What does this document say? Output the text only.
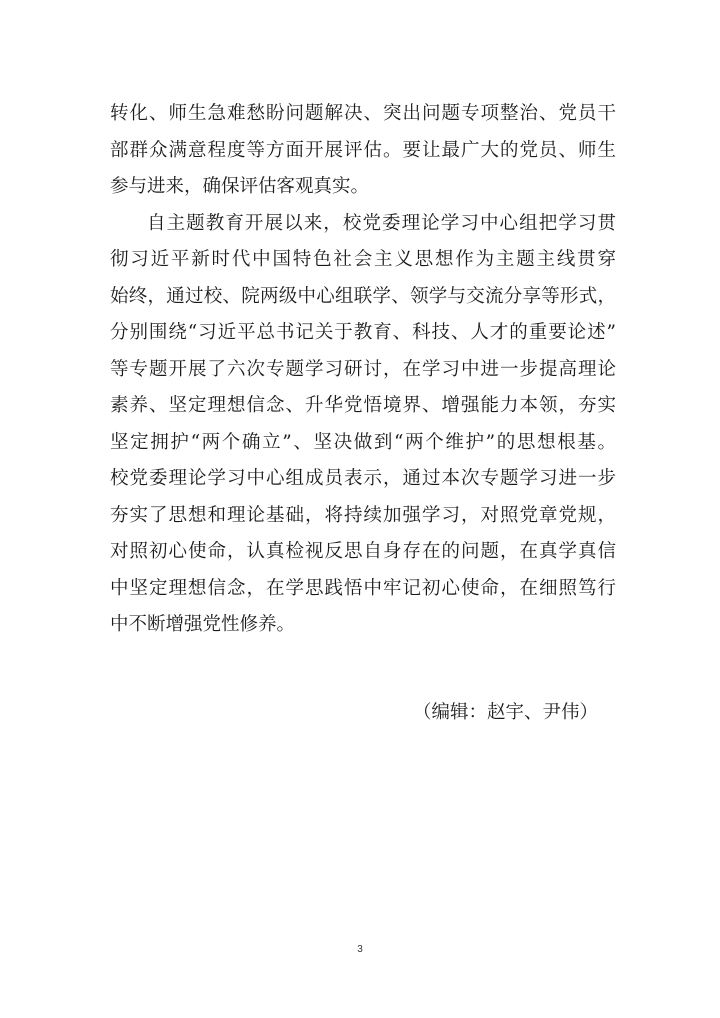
转化、师生急难愁盼问题解决、突出问题专项整治、党员干
部群众满意程度等方面开展评估。要让最广大的党员、师生
参与进来，确保评估客观真实。
自主题教育开展以来，校党委理论学习中心组把学习贯
彻习近平新时代中国特色社会主义思想作为主题主线贯穿
始终，通过校、院两级中心组联学、领学与交流分享等形式，
分别围绕“习近平总书记关于教育、科技、人才的重要论述”
等专题开展了六次专题学习研讨，在学习中进一步提高理论
素养、坚定理想信念、升华党悟境界、增强能力本领，夯实
坚定拥护“两个确立”、坚决做到“两个维护”的思想根基。
校党委理论学习中心组成员表示，通过本次专题学习进一步
夯实了思想和理论基础，将持续加强学习，对照党章党规，
对照初心使命，认真检视反思自身存在的问题，在真学真信
中坚定理想信念，在学思践悟中牢记初心使命，在细照笃行
中不断增强党性修养。
（编辑：赵宇、尹伟）
3
